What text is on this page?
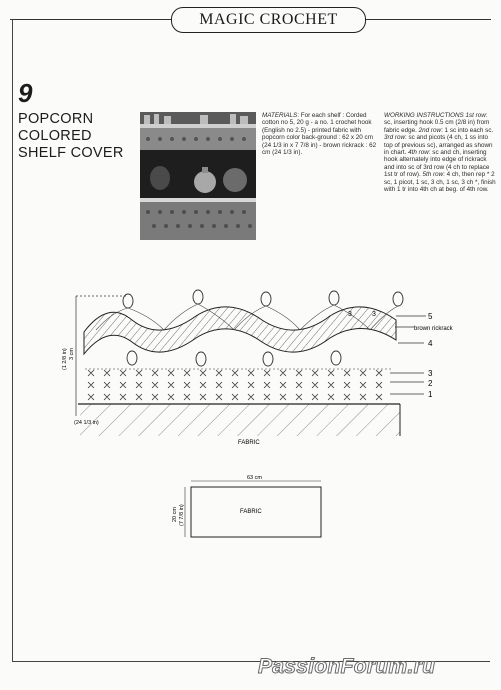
MAGIC CROCHET
9
POPCORN
COLORED
SHELF COVER
MATERIALS: For each shelf : Corded cotton no 5, 20 g - a no. 1 crochet hook (English no 2.5) - printed fabric with popcorn color back-ground : 62 x 20 cm (24 1/3 in x 7 7/8 in) - brown rickrack : 62 cm (24 1/3 in).
WORKING INSTRUCTIONS 1st row: sc, inserting hook 0.5 cm (2/8 in) from fabric edge. 2nd row: 1 sc into each sc. 3rd row: sc and picots (4 ch, 1 ss into top of previous sc), arranged as shown in chart. 4th row: sc and ch, inserting hook alternately into edge of rickrack and into sc of 3rd row (4 ch to replace 1st tr of row). 5th row: 4 ch, then rep * 2 sc, 1 picot, 1 sc, 3 ch, 1 sc, 3 ch *, finish with 1 tr into 4th ch at beg. of 4th row.
3	3
brown rickrack
5
4
3
2
1
(1 2/8 in) 3 cm
(24 1/3 in)
FABRIC
63 cm
20 cm (7 7/8 in)	FABRIC
PassionForum.ru
